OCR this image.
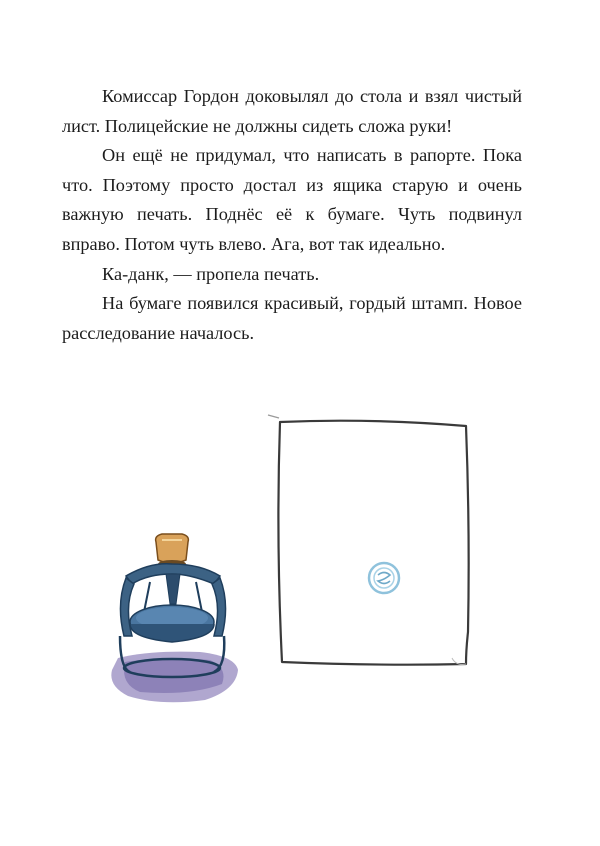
Комиссар Гордон доковылял до стола и взял чистый лист. Полицейские не должны сидеть сложа руки!

Он ещё не придумал, что написать в рапорте. Пока что. Поэтому просто достал из ящика старую и очень важную печать. Поднёс её к бумаге. Чуть подвинул вправо. Потом чуть влево. Ага, вот так идеально.

Ка-данк, — пропела печать.

На бумаге появился красивый, гордый штамп. Новое расследование началось.
